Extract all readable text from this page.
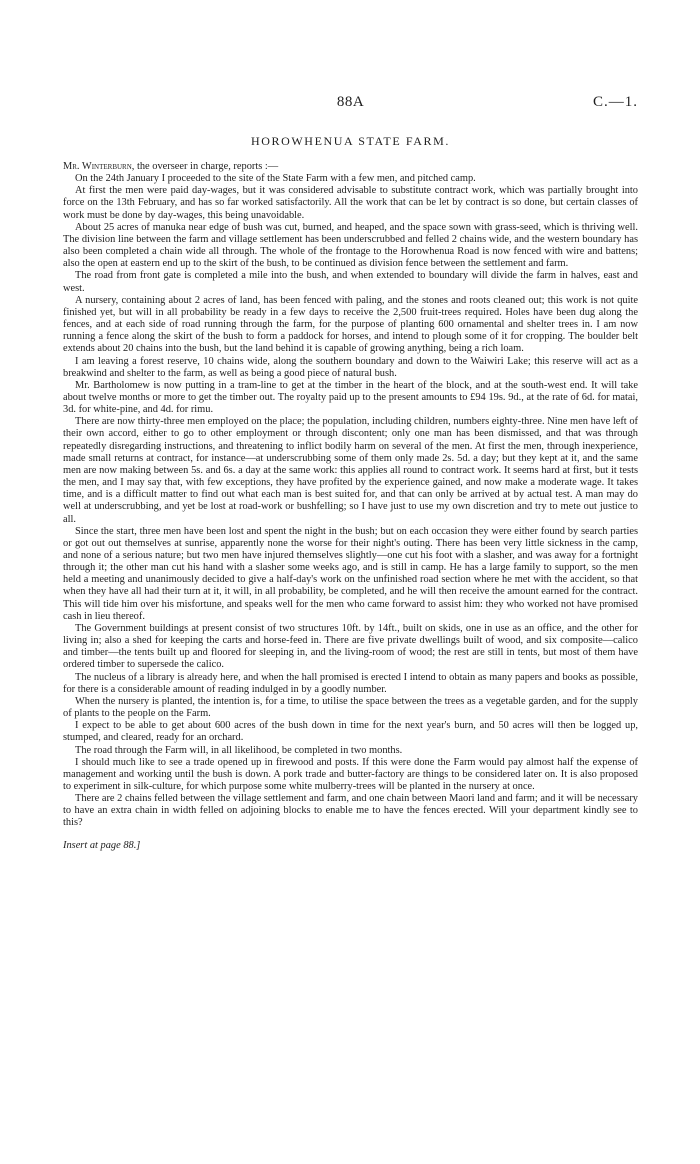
88A	C.—1.
HOROWHENUA STATE FARM.

Mr. Winterburn, the overseer in charge, reports :—

On the 24th January I proceeded to the site of the State Farm with a few men, and pitched camp.

At first the men were paid day-wages, but it was considered advisable to substitute contract work, which was partially brought into force on the 13th February, and has so far worked satisfactorily. All the work that can be let by contract is so done, but certain classes of work must be done by day-wages, this being unavoidable.

About 25 acres of manuka near edge of bush was cut, burned, and heaped, and the space sown with grass-seed, which is thriving well. The division line between the farm and village settlement has been underscrubbed and felled 2 chains wide, and the western boundary has also been completed a chain wide all through. The whole of the frontage to the Horowhenua Road is now fenced with wire and battens; also the open at eastern end up to the skirt of the bush, to be continued as division fence between the settlement and farm.

The road from front gate is completed a mile into the bush, and when extended to boundary will divide the farm in halves, east and west.

A nursery, containing about 2 acres of land, has been fenced with paling, and the stones and roots cleaned out; this work is not quite finished yet, but will in all probability be ready in a few days to receive the 2,500 fruit-trees required. Holes have been dug along the fences, and at each side of road running through the farm, for the purpose of planting 600 ornamental and shelter trees in. I am now running a fence along the skirt of the bush to form a paddock for horses, and intend to plough some of it for cropping. The boulder belt extends about 20 chains into the bush, but the land behind it is capable of growing anything, being a rich loam.

I am leaving a forest reserve, 10 chains wide, along the southern boundary and down to the Waiwiri Lake; this reserve will act as a breakwind and shelter to the farm, as well as being a good piece of natural bush.

Mr. Bartholomew is now putting in a tram-line to get at the timber in the heart of the block, and at the south-west end. It will take about twelve months or more to get the timber out. The royalty paid up to the present amounts to £94 19s. 9d., at the rate of 6d. for matai, 3d. for white-pine, and 4d. for rimu.

There are now thirty-three men employed on the place; the population, including children, numbers eighty-three. Nine men have left of their own accord, either to go to other employment or through discontent; only one man has been dismissed, and that was through repeatedly disregarding instructions, and threatening to inflict bodily harm on several of the men. At first the men, through inexperience, made small returns at contract, for instance—at underscrubbing some of them only made 2s. 5d. a day; but they kept at it, and the same men are now making between 5s. and 6s. a day at the same work: this applies all round to contract work. It seems hard at first, but it tests the men, and I may say that, with few exceptions, they have profited by the experience gained, and now make a moderate wage. It takes time, and is a difficult matter to find out what each man is best suited for, and that can only be arrived at by actual test. A man may do well at underscrubbing, and yet be lost at road-work or bushfelling; so I have just to use my own discretion and try to mete out justice to all.

Since the start, three men have been lost and spent the night in the bush; but on each occasion they were either found by search parties or got out out themselves at sunrise, apparently none the worse for their night's outing. There has been very little sickness in the camp, and none of a serious nature; but two men have injured themselves slightly—one cut his foot with a slasher, and was away for a fortnight through it; the other man cut his hand with a slasher some weeks ago, and is still in camp. He has a large family to support, so the men held a meeting and unanimously decided to give a half-day's work on the unfinished road section where he met with the accident, so that when they have all had their turn at it, it will, in all probability, be completed, and he will then receive the amount earned for the contract. This will tide him over his misfortune, and speaks well for the men who came forward to assist him: they who worked not have promised cash in lieu thereof.

The Government buildings at present consist of two structures 10ft. by 14ft., built on skids, one in use as an office, and the other for living in; also a shed for keeping the carts and horse-feed in. There are five private dwellings built of wood, and six composite—calico and timber—the tents built up and floored for sleeping in, and the living-room of wood; the rest are still in tents, but most of them have ordered timber to supersede the calico.

The nucleus of a library is already here, and when the hall promised is erected I intend to obtain as many papers and books as possible, for there is a considerable amount of reading indulged in by a goodly number.

When the nursery is planted, the intention is, for a time, to utilise the space between the trees as a vegetable garden, and for the supply of plants to the people on the Farm.

I expect to be able to get about 600 acres of the bush down in time for the next year's burn, and 50 acres will then be logged up, stumped, and cleared, ready for an orchard.

The road through the Farm will, in all likelihood, be completed in two months.

I should much like to see a trade opened up in firewood and posts. If this were done the Farm would pay almost half the expense of management and working until the bush is down. A pork trade and butter-factory are things to be considered later on. It is also proposed to experiment in silk-culture, for which purpose some white mulberry-trees will be planted in the nursery at once.

There are 2 chains felled between the village settlement and farm, and one chain between Maori land and farm; and it will be necessary to have an extra chain in width felled on adjoining blocks to enable me to have the fences erected. Will your department kindly see to this?

Insert at page 88.]
